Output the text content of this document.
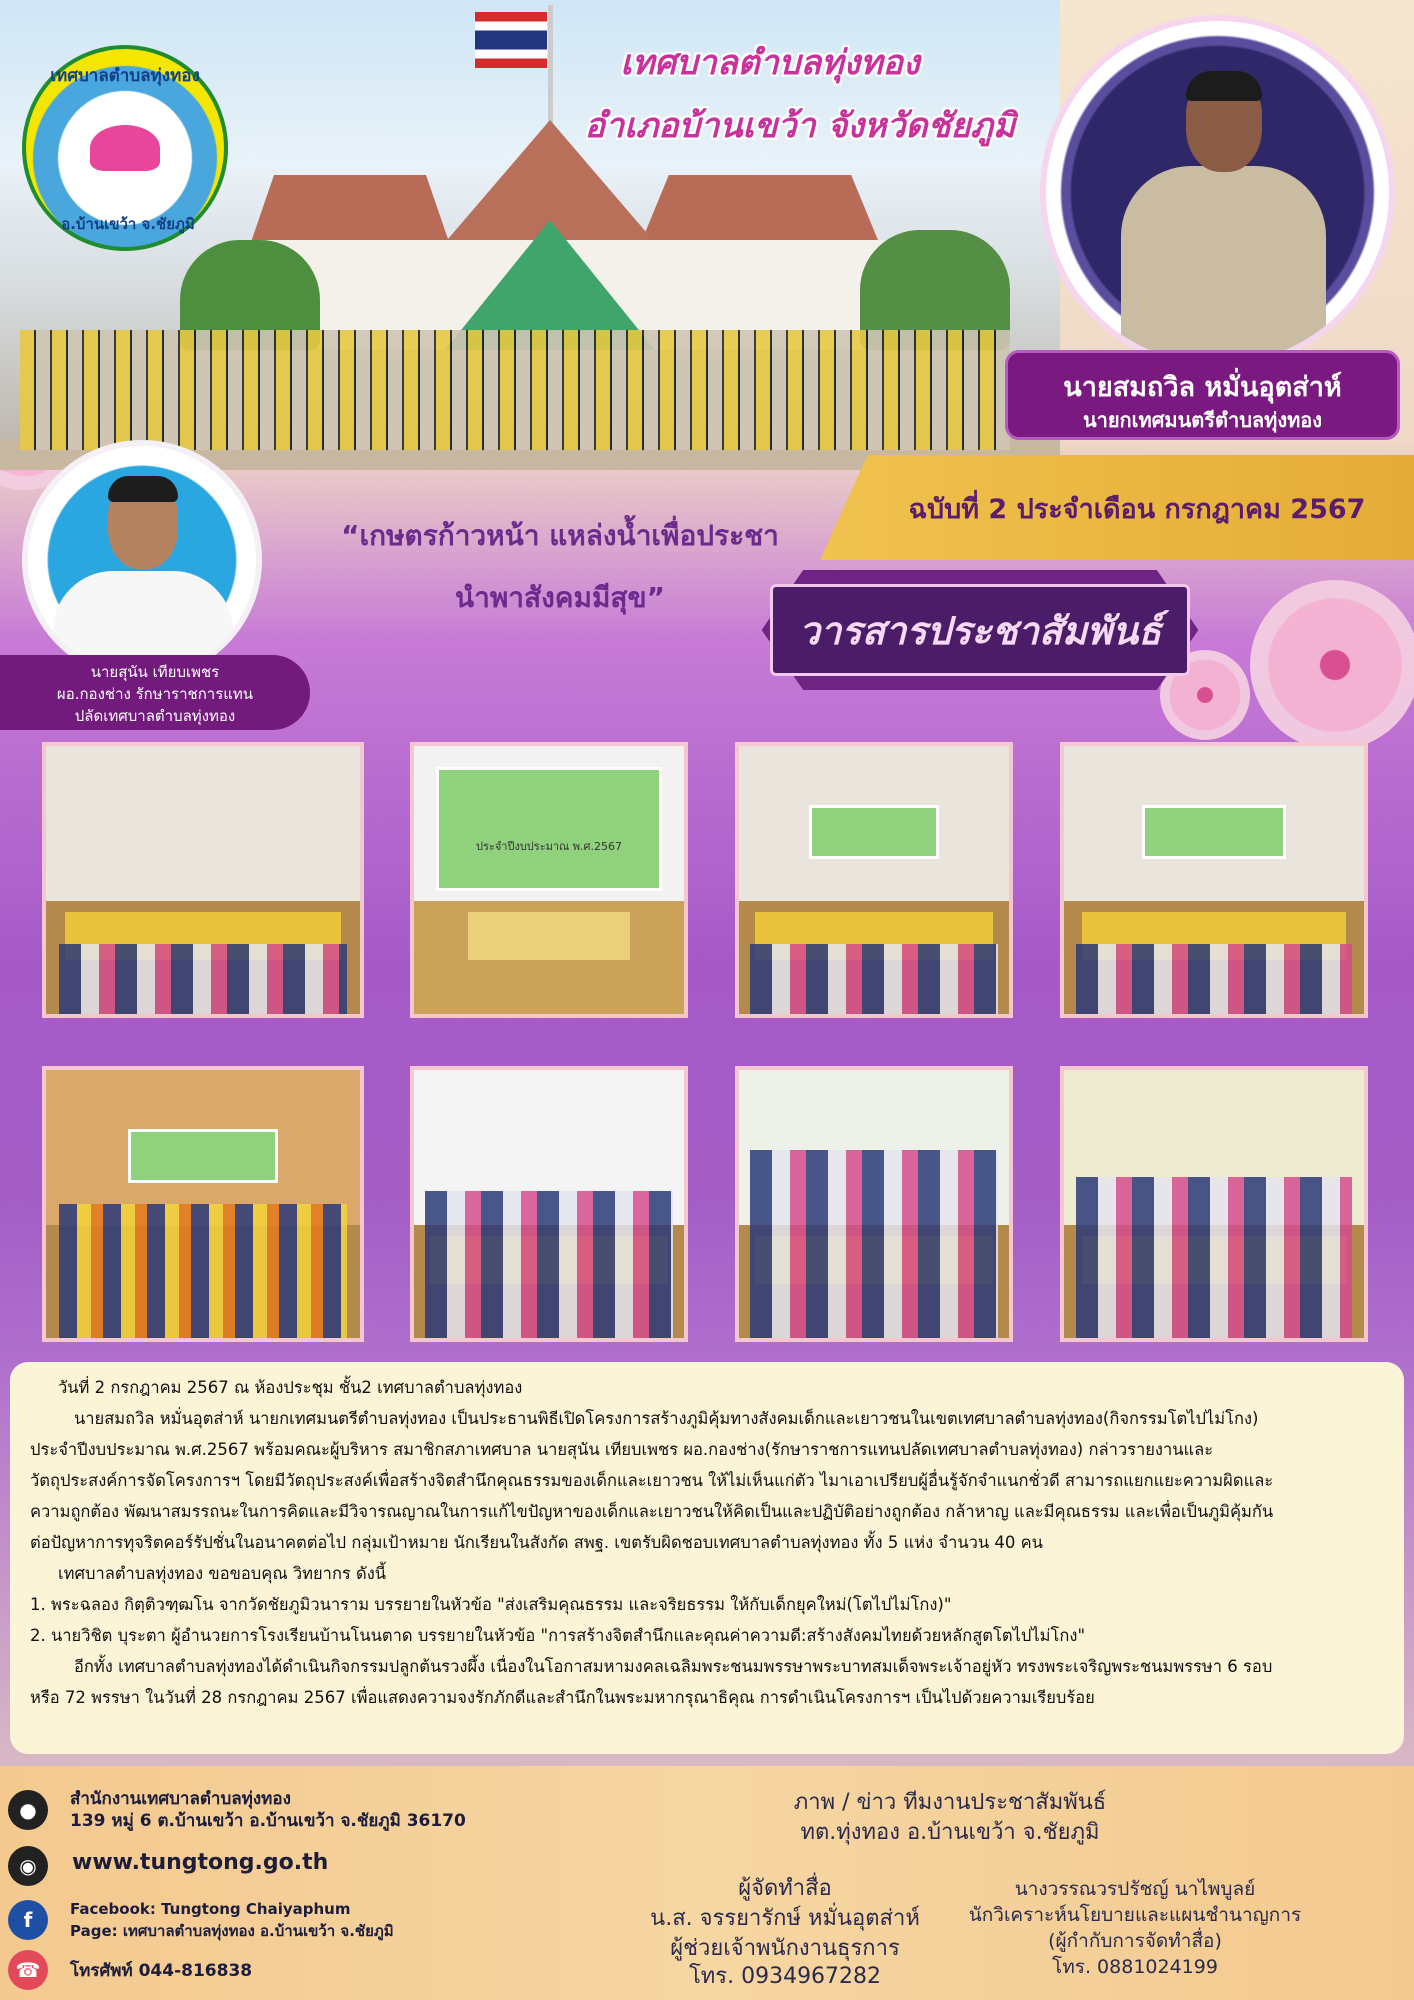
เทศบาลตำบลทุ่งทอง
อ.บ้านเขว้า จ.ชัยภูมิ
เทศบาลตำบลทุ่งทอง
อำเภอบ้านเขว้า จังหวัดชัยภูมิ
นายสมถวิล หมั่นอุตส่าห์
นายกเทศมนตรีตำบลทุ่งทอง
ฉบับที่ 2 ประจำเดือน กรกฎาคม 2567
นายสุนัน เทียบเพชร
ผอ.กองช่าง รักษาราชการแทน
ปลัดเทศบาลตำบลทุ่งทอง
“เกษตรก้าวหน้า แหล่งน้ำเพื่อประชา
นำพาสังคมมีสุข”
วารสารประชาสัมพันธ์
ประจำปีงบประมาณ พ.ศ.2567

วันที่ 2 กรกฎาคม 2567 ณ ห้องประชุม ชั้น2 เทศบาลตำบลทุ่งทอง

นายสมถวิล หมั่นอุตส่าห์ นายกเทศมนตรีตำบลทุ่งทอง เป็นประธานพิธีเปิดโครงการสร้างภูมิคุ้มทางสังคมเด็กและเยาวชนในเขตเทศบาลตำบลทุ่งทอง(กิจกรรมโตไปไม่โกง)

ประจำปีงบประมาณ พ.ศ.2567 พร้อมคณะผู้บริหาร สมาชิกสภาเทศบาล นายสุนัน เทียบเพชร ผอ.กองช่าง(รักษาราชการแทนปลัดเทศบาลตำบลทุ่งทอง) กล่าวรายงานและ

วัตถุประสงค์การจัดโครงการฯ โดยมีวัตถุประสงค์เพื่อสร้างจิตสำนึกคุณธรรมของเด็กและเยาวชน ให้ไม่เห็นแก่ตัว ไมาเอาเปรียบผู้อื่นรู้จักจำแนกชั่วดี สามารถแยกแยะความผิดและ

ความถูกต้อง พัฒนาสมรรถนะในการคิดและมีวิจารณญาณในการแก้ไขปัญหาของเด็กและเยาวชนให้คิดเป็นและปฏิบัติอย่างถูกต้อง กล้าหาญ และมีคุณธรรม และเพื่อเป็นภูมิคุ้มกัน

ต่อปัญหาการทุจริตคอร์รัปชั่นในอนาคตต่อไป กลุ่มเป้าหมาย นักเรียนในสังกัด สพฐ. เขตรับผิดชอบเทศบาลตำบลทุ่งทอง ทั้ง 5 แห่ง จำนวน 40 คน

เทศบาลตำบลทุ่งทอง ขอขอบคุณ วิทยากร ดังนี้

1. พระฉลอง กิตฺติวฑฺฒโน จากวัดชัยภูมิวนาราม บรรยายในหัวข้อ "ส่งเสริมคุณธรรม และจริยธรรม ให้กับเด็กยุคใหม่(โตไปไม่โกง)"

2. นายวิชิต บุระตา ผู้อำนวยการโรงเรียนบ้านโนนตาด บรรยายในหัวข้อ "การสร้างจิตสำนึกและคุณค่าความดี:สร้างสังคมไทยด้วยหลักสูตโตไปไม่โกง"

อีกทั้ง เทศบาลตำบลทุ่งทองได้ดำเนินกิจกรรมปลูกต้นรวงผึ้ง เนื่องในโอกาสมหามงคลเฉลิมพระชนมพรรษาพระบาทสมเด็จพระเจ้าอยู่หัว ทรงพระเจริญพระชนมพรรษา 6 รอบ

หรือ 72 พรรษา ในวันที่ 28 กรกฎาคม 2567 เพื่อแสดงความจงรักภักดีและสำนึกในพระมหากรุณาธิคุณ การดำเนินโครงการฯ เป็นไปด้วยความเรียบร้อย

●	สำนักงานเทศบาลตำบลทุ่งทอง
139 หมู่ 6 ต.บ้านเขว้า อ.บ้านเขว้า จ.ชัยภูมิ 36170
◉	www.tungtong.go.th
f	Facebook: Tungtong Chaiyaphum
Page: เทศบาลตำบลทุ่งทอง อ.บ้านเขว้า จ.ชัยภูมิ
☎	โทรศัพท์ 044-816838
ภาพ / ข่าว ทีมงานประชาสัมพันธ์
ทต.ทุ่งทอง อ.บ้านเขว้า จ.ชัยภูมิ
ผู้จัดทำสื่อ
น.ส. จรรยารักษ์ หมั่นอุตส่าห์
ผู้ช่วยเจ้าพนักงานธุรการ
โทร. 0934967282
นางวรรณวรปรัชญ์ นาไพบูลย์
นักวิเคราะห์นโยบายและแผนชำนาญการ
(ผู้กำกับการจัดทำสื่อ)
โทร. 0881024199
